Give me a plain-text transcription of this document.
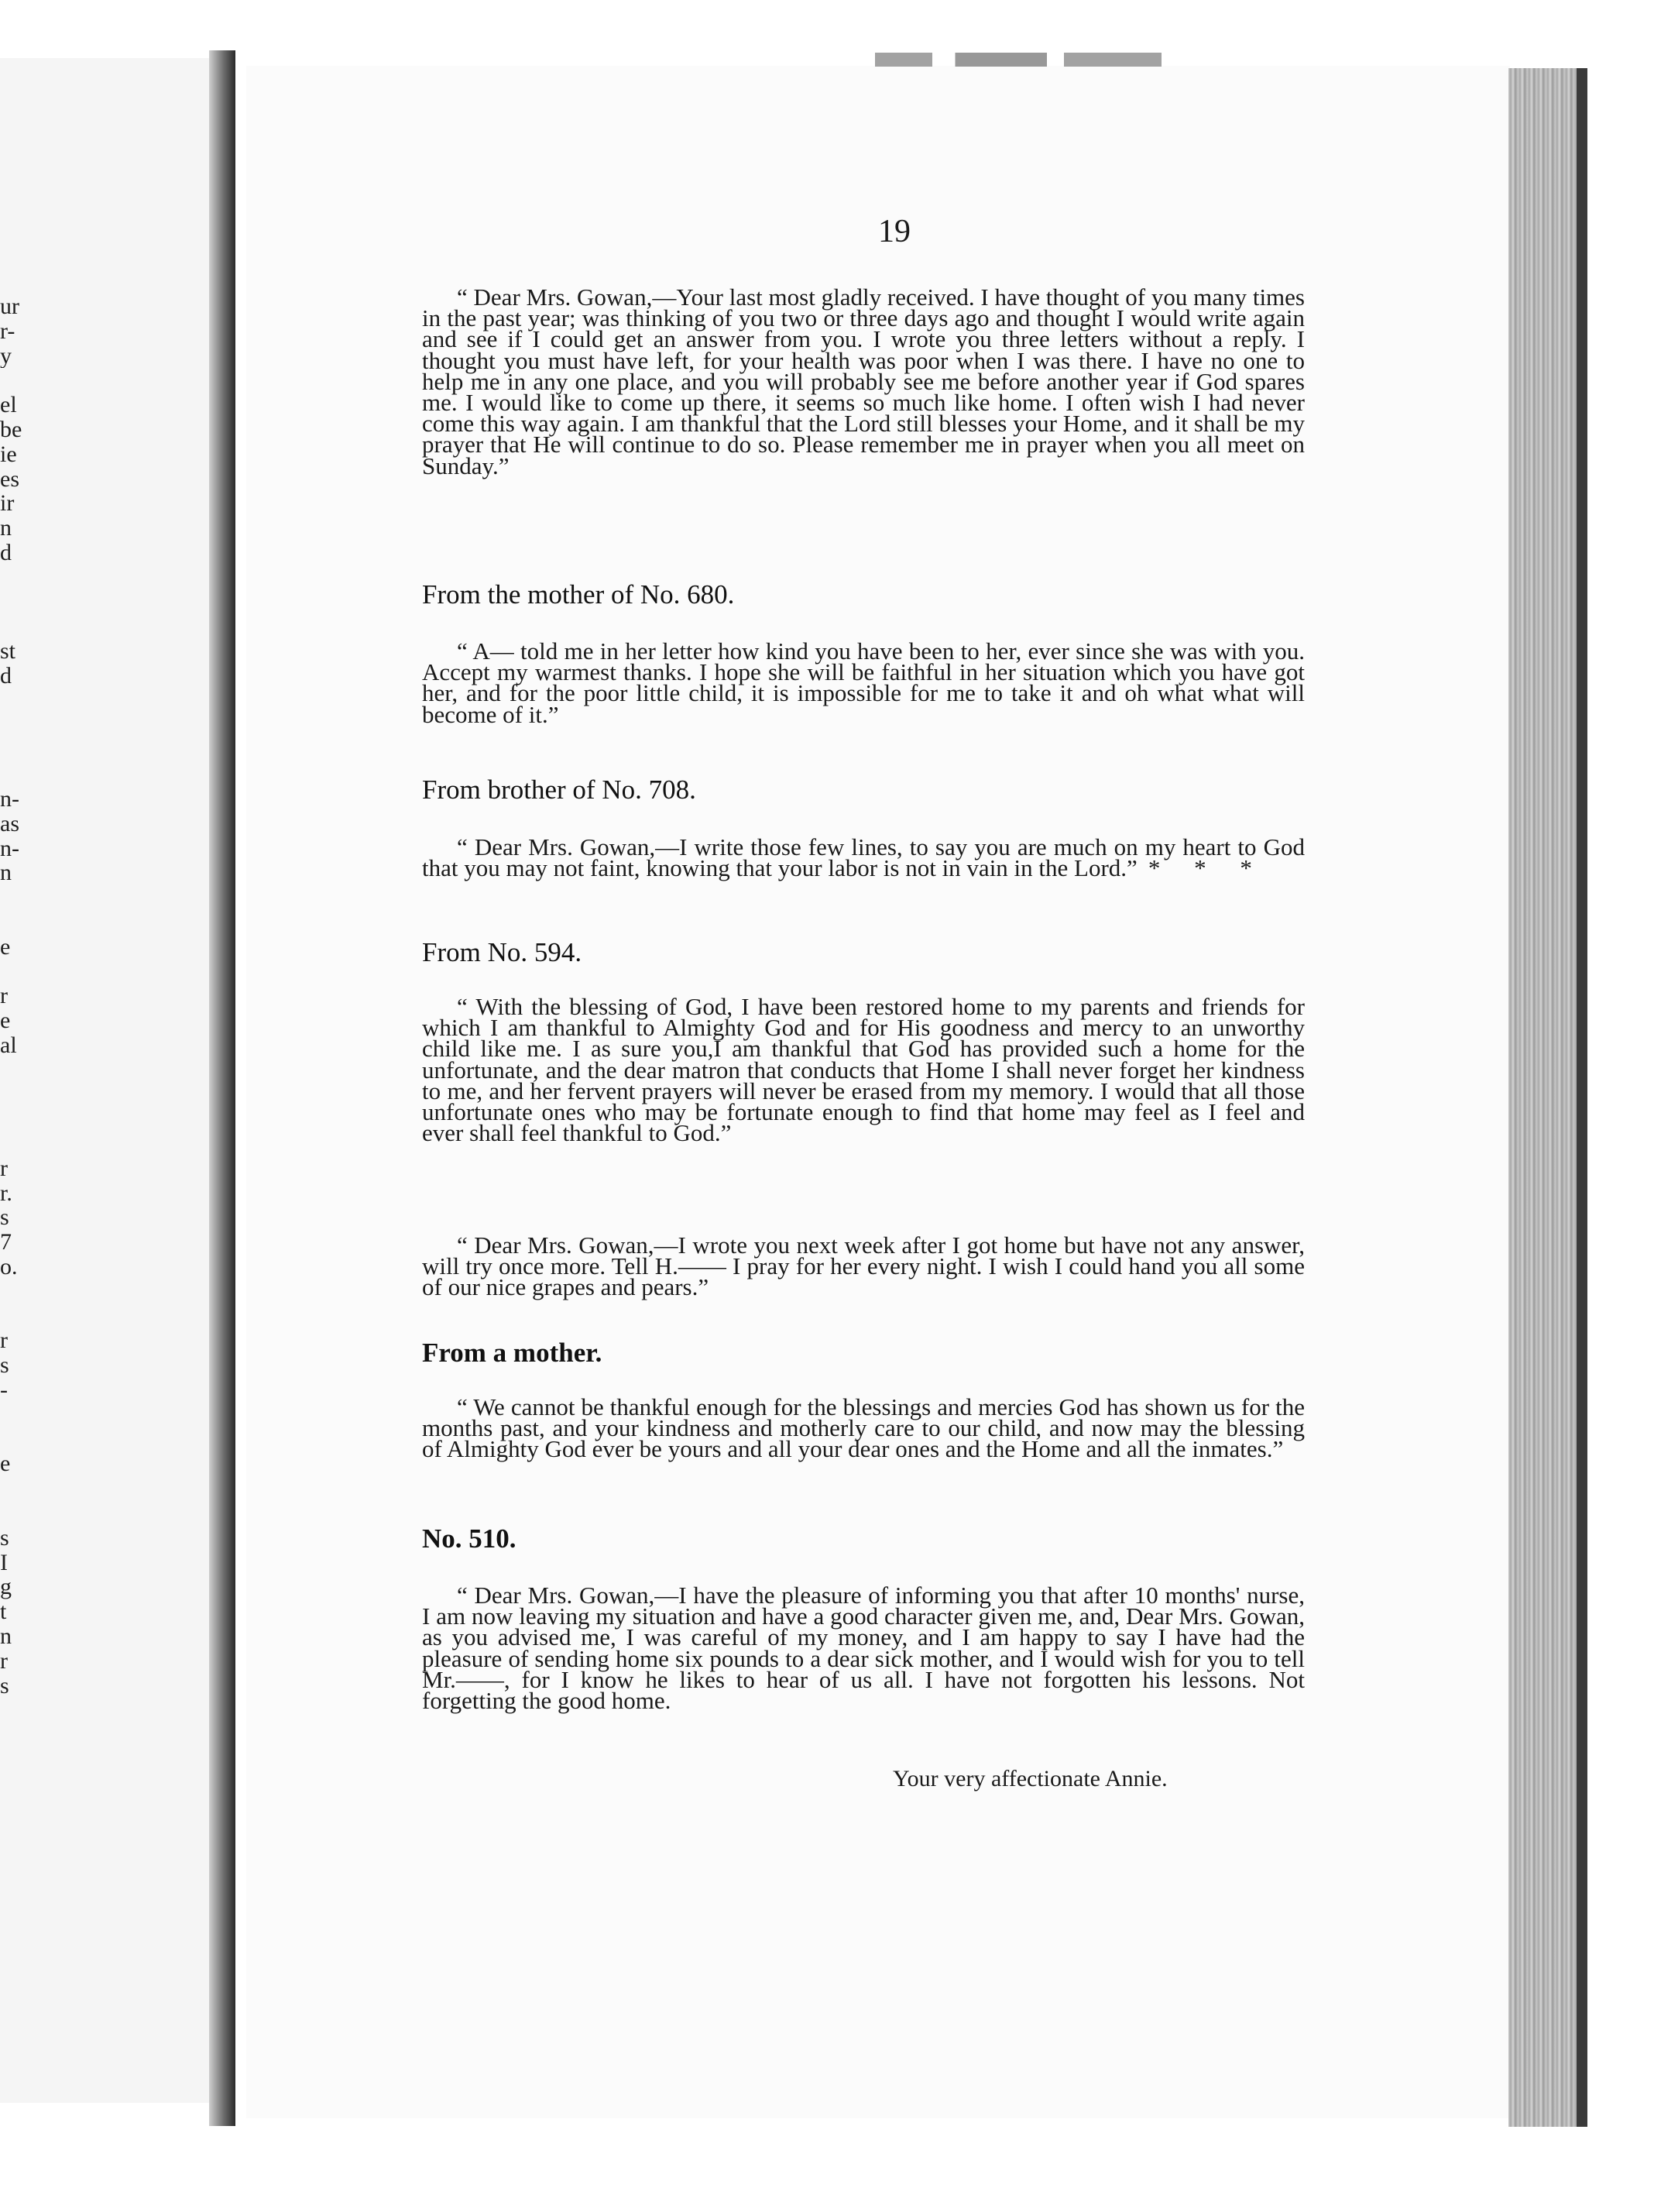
ur
r-
y
el
be
ie
es
ir
n
d
st
d
n-
as
n-
n
e
r
e
al
r
r.
s
7
o.
r
s
-
e
s
I
g
t
n
r
s
19

“ Dear Mrs. Gowan,—Your last most gladly received. I have thought of you many times in the past year; was thinking of you two or three days ago and thought I would write again and see if I could get an answer from you. I wrote you three letters without a reply. I thought you must have left, for your health was poor when I was there. I have no one to help me in any one place, and you will probably see me before another year if God spares me. I would like to come up there, it seems so much like home. I often wish I had never come this way again. I am thankful that the Lord still blesses your Home, and it shall be my prayer that He will continue to do so. Please remember me in prayer when you all meet on Sunday.”

From the mother of No. 680.

“ A— told me in her letter how kind you have been to her, ever since she was with you. Accept my warmest thanks. I hope she will be faithful in her situation which you have got her, and for the poor little child, it is impossible for me to take it and oh what what will become of it.”

From brother of No. 708.

“ Dear Mrs. Gowan,—I write those few lines, to say you are much on my heart to God that you may not faint, knowing that your labor is not in vain in the Lord.” * * *

From No. 594.

“ With the blessing of God, I have been restored home to my parents and friends for which I am thankful to Almighty God and for His goodness and mercy to an unworthy child like me. I as sure you,I am thankful that God has provided such a home for the unfortunate, and the dear matron that conducts that Home I shall never forget her kindness to me, and her fervent prayers will never be erased from my memory. I would that all those unfortunate ones who may be fortunate enough to find that home may feel as I feel and ever shall feel thankful to God.”

“ Dear Mrs. Gowan,—I wrote you next week after I got home but have not any answer, will try once more. Tell H.—— I pray for her every night. I wish I could hand you all some of our nice grapes and pears.”

From a mother.

“ We cannot be thankful enough for the blessings and mercies God has shown us for the months past, and your kindness and motherly care to our child, and now may the blessing of Almighty God ever be yours and all your dear ones and the Home and all the inmates.”

No. 510.

“ Dear Mrs. Gowan,—I have the pleasure of informing you that after 10 months' nurse, I am now leaving my situation and have a good character given me, and, Dear Mrs. Gowan, as you advised me, I was careful of my money, and I am happy to say I have had the pleasure of sending home six pounds to a dear sick mother, and I would wish for you to tell Mr.——, for I know he likes to hear of us all. I have not forgotten his lessons. Not forgetting the good home.

Your very affectionate Annie.
